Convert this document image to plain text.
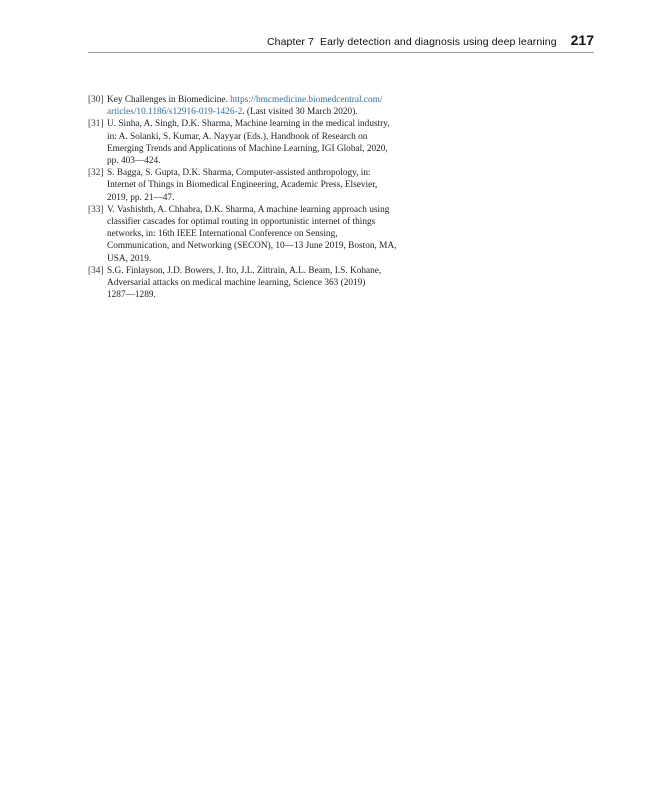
Chapter 7 Early detection and diagnosis using deep learning 217
[30] Key Challenges in Biomedicine. https://bmcmedicine.biomedcentral.com/
articles/10.1186/s12916-019-1426-2. (Last visited 30 March 2020).
[31] U. Sinha, A. Singh, D.K. Sharma, Machine learning in the medical industry,
in: A. Solanki, S. Kumar, A. Nayyar (Eds.), Handbook of Research on
Emerging Trends and Applications of Machine Learning, IGI Global, 2020,
pp. 403—424.
[32] S. Bagga, S. Gupta, D.K. Sharma, Computer-assisted anthropology, in:
Internet of Things in Biomedical Engineering, Academic Press, Elsevier,
2019, pp. 21—47.
[33] V. Vashishth, A. Chhabra, D.K. Sharma, A machine learning approach using
classifier cascades for optimal routing in opportunistic internet of things
networks, in: 16th IEEE International Conference on Sensing,
Communication, and Networking (SECON), 10—13 June 2019, Boston, MA,
USA, 2019.
[34] S.G. Finlayson, J.D. Bowers, J. Ito, J.L. Zittrain, A.L. Beam, I.S. Kohane,
Adversarial attacks on medical machine learning, Science 363 (2019)
1287—1289.
